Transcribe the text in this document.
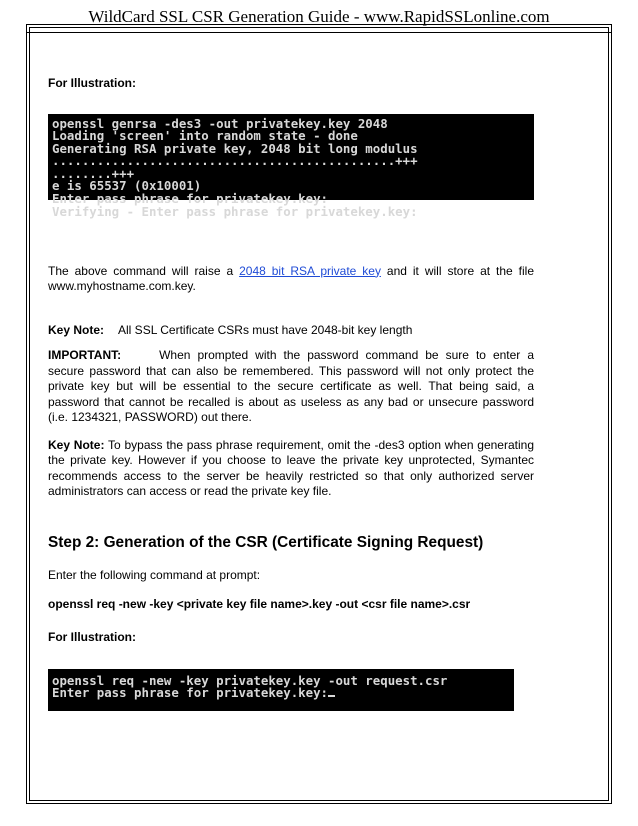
WildCard SSL CSR Generation Guide - www.RapidSSLonline.com

For Illustration:

openssl genrsa -des3 -out privatekey.key 2048
Loading 'screen' into random state - done
Generating RSA private key, 2048 bit long modulus
..............................................+++
........+++
e is 65537 (0x10001)
Enter pass phrase for privatekey.key:
Verifying - Enter pass phrase for privatekey.key:

The above command will raise a 2048 bit RSA private key and it will store at the file www.myhostname.com.key.

Key Note: All SSL Certificate CSRs must have 2048-bit key length

IMPORTANT:	When prompted with the password command be sure to enter a secure password that can also be remembered. This password will not only protect the private key but will be essential to the secure certificate as well. That being said, a password that cannot be recalled is about as useless as any bad or unsecure password (i.e. 1234321, PASSWORD) out there.

Key Note: To bypass the pass phrase requirement, omit the -des3 option when generating the private key. However if you choose to leave the private key unprotected, Symantec recommends access to the server be heavily restricted so that only authorized server administrators can access or read the private key file.

Step 2: Generation of the CSR (Certificate Signing Request)

Enter the following command at prompt:

openssl req -new -key <private key file name>.key -out <csr file name>.csr

For Illustration:

openssl req -new -key privatekey.key -out request.csr
Enter pass phrase for privatekey.key:
